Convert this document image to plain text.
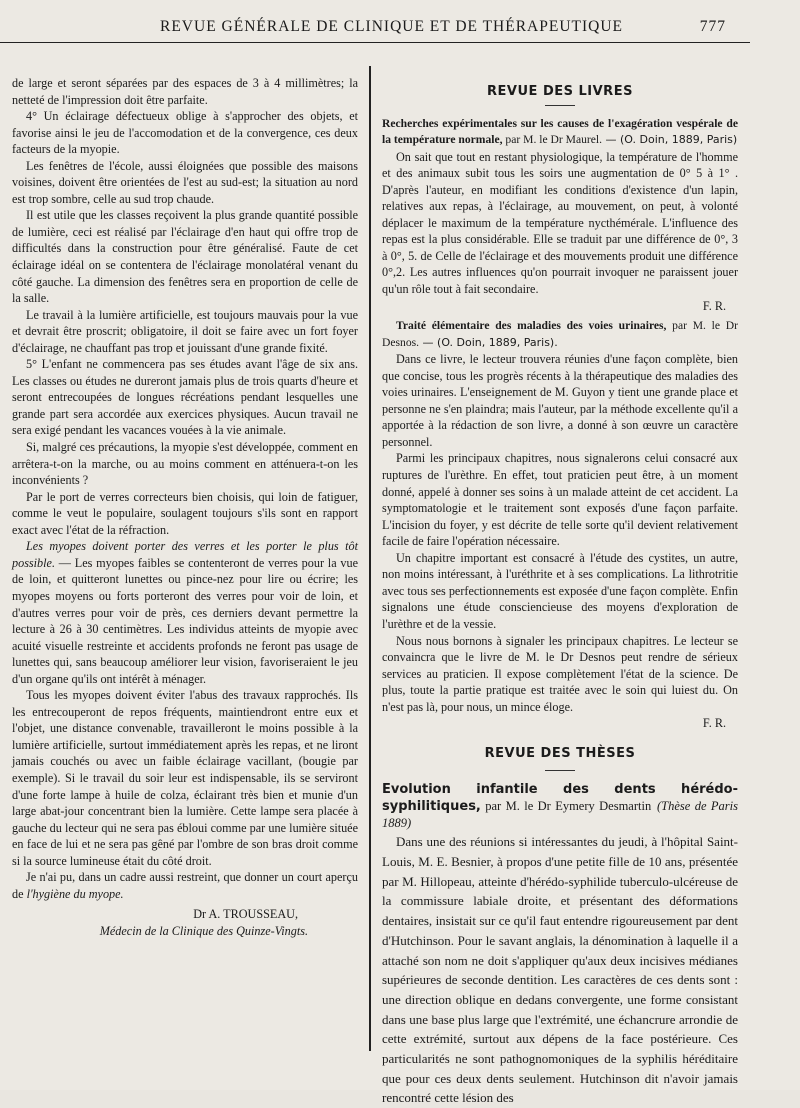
REVUE GÉNÉRALE DE CLINIQUE ET DE THÉRAPEUTIQUE	777

de large et seront séparées par des espaces de 3 à 4 millimètres; la netteté de l'impression doit être parfaite.

4° Un éclairage défectueux oblige à s'approcher des objets, et favorise ainsi le jeu de l'accomodation et de la convergence, ces deux facteurs de la myopie.

Les fenêtres de l'école, aussi éloignées que possible des maisons voisines, doivent être orientées de l'est au sud-est; la situation au nord est trop sombre, celle au sud trop chaude.

Il est utile que les classes reçoivent la plus grande quantité possible de lumière, ceci est réalisé par l'éclairage d'en haut qui offre trop de difficultés dans la construction pour être généralisé. Faute de cet éclairage idéal on se contentera de l'éclairage monolatéral venant du côté gauche. La dimension des fenêtres sera en proportion de celle de la salle.

Le travail à la lumière artificielle, est toujours mauvais pour la vue et devrait être proscrit; obligatoire, il doit se faire avec un fort foyer d'éclairage, ne chauffant pas trop et jouissant d'une grande fixité.

5° L'enfant ne commencera pas ses études avant l'âge de six ans. Les classes ou études ne dureront jamais plus de trois quarts d'heure et seront entrecoupées de longues récréations pendant lesquelles une grande part sera accordée aux exercices physiques. Aucun travail ne sera exigé pendant les vacances vouées à la vie animale.

Si, malgré ces précautions, la myopie s'est développée, comment en arrêtera-t-on la marche, ou au moins comment en atténuera-t-on les inconvénients ?

Par le port de verres correcteurs bien choisis, qui loin de fatiguer, comme le veut le populaire, soulagent toujours s'ils sont en rapport exact avec l'état de la réfraction.

Les myopes doivent porter des verres et les porter le plus tôt possible. — Les myopes faibles se contenteront de verres pour la vue de loin, et quitteront lunettes ou pince-nez pour lire ou écrire; les myopes moyens ou forts porteront des verres pour voir de loin, et d'autres verres pour voir de près, ces derniers devant permettre la lecture à 26 à 30 centimètres. Les individus atteints de myopie avec acuité visuelle restreinte et accidents profonds ne feront pas usage de lunettes qui, sans beaucoup améliorer leur vision, favoriseraient le jeu d'un organe qu'ils ont intérêt à ménager.

Tous les myopes doivent éviter l'abus des travaux rapprochés. Ils les entrecouperont de repos fréquents, maintiendront entre eux et l'objet, une distance convenable, travailleront le moins possible à la lumière artificielle, surtout immédiatement après les repas, et ne liront jamais couchés ou avec un faible éclairage vacillant, (bougie par exemple). Si le travail du soir leur est indispensable, ils se serviront d'une forte lampe à huile de colza, éclairant très bien et munie d'un large abat-jour concentrant bien la lumière. Cette lampe sera placée à gauche du lecteur qui ne sera pas ébloui comme par une lumière située en face de lui et ne sera pas gêné par l'ombre de son bras droit comme si la source lumineuse était du côté droit.

Je n'ai pu, dans un cadre aussi restreint, que donner un court aperçu de l'hygiène du myope.

Dr A. TROUSSEAU,

Médecin de la Clinique des Quinze-Vingts.

REVUE DES LIVRES

Recherches expérimentales sur les causes de l'exagération vespérale de la température normale, par M. le Dr Maurel. — (O. Doin, 1889, Paris)

On sait que tout en restant physiologique, la température de l'homme et des animaux subit tous les soirs une augmentation de 0° 5 à 1° . D'après l'auteur, en modifiant les conditions d'existence d'un lapin, relatives aux repas, à l'éclairage, au mouvement, on peut, à volonté déplacer le maximum de la température nycthémérale. L'influence des repas est la plus considérable. Elle se traduit par une différence de 0°, 3 à 0°, 5. de Celle de l'éclairage et des mouvements produit une différence 0°,2. Les autres influences qu'on pourrait invoquer ne paraissent jouer qu'un rôle tout à fait secondaire.

F. R.

Traité élémentaire des maladies des voies urinaires, par M. le Dr Desnos. — (O. Doin, 1889, Paris).

Dans ce livre, le lecteur trouvera réunies d'une façon complète, bien que concise, tous les progrès récents à la thérapeutique des maladies des voies urinaires. L'enseignement de M. Guyon y tient une grande place et personne ne s'en plaindra; mais l'auteur, par la méthode excellente qu'il a apportée à la rédaction de son livre, a donné à son œuvre un caractère personnel.

Parmi les principaux chapitres, nous signalerons celui consacré aux ruptures de l'urèthre. En effet, tout praticien peut être, à un moment donné, appelé à donner ses soins à un malade atteint de cet accident. La symptomatologie et le traitement sont exposés d'une façon parfaite. L'incision du foyer, y est décrite de telle sorte qu'il devient relativement facile de faire l'opération nécessaire.

Un chapitre important est consacré à l'étude des cystites, un autre, non moins intéressant, à l'uréthrite et à ses complications. La lithrotritie avec tous ses perfectionnements est exposée d'une façon complète. Enfin signalons une étude consciencieuse des moyens d'exploration de l'urèthre et de la vessie.

Nous nous bornons à signaler les principaux chapitres. Le lecteur se convaincra que le livre de M. le Dr Desnos peut rendre de sérieux services au praticien. Il expose complètement l'état de la science. De plus, toute la partie pratique est traitée avec le soin qui luiest du. On n'est pas là, pour nous, un mince éloge.

F. R.

REVUE DES THÈSES

Evolution infantile des dents hérédo-syphilitiques, par M. le Dr Eymery Desmartin (Thèse de Paris 1889)

Dans une des réunions si intéressantes du jeudi, à l'hôpital Saint-Louis, M. E. Besnier, à propos d'une petite fille de 10 ans, présentée par M. Hillopeau, atteinte d'hérédo-syphilide tuberculo-ulcéreuse de la commissure labiale droite, et présentant des déformations dentaires, insistait sur ce qu'il faut entendre rigoureusement par dent d'Hutchinson. Pour le savant anglais, la dénomination à laquelle il a attaché son nom ne doit s'appliquer qu'aux deux incisives médianes supérieures de seconde dentition. Les caractères de ces dents sont : une direction oblique en dedans convergente, une forme consistant dans une base plus large que l'extrémité, une échancrure arrondie de cette extrémité, surtout aux dépens de la face postérieure. Ces particularités ne sont pathognomoniques de la syphilis héréditaire que pour ces deux dents seulement. Hutchinson dit n'avoir jamais rencontré cette lésion des
